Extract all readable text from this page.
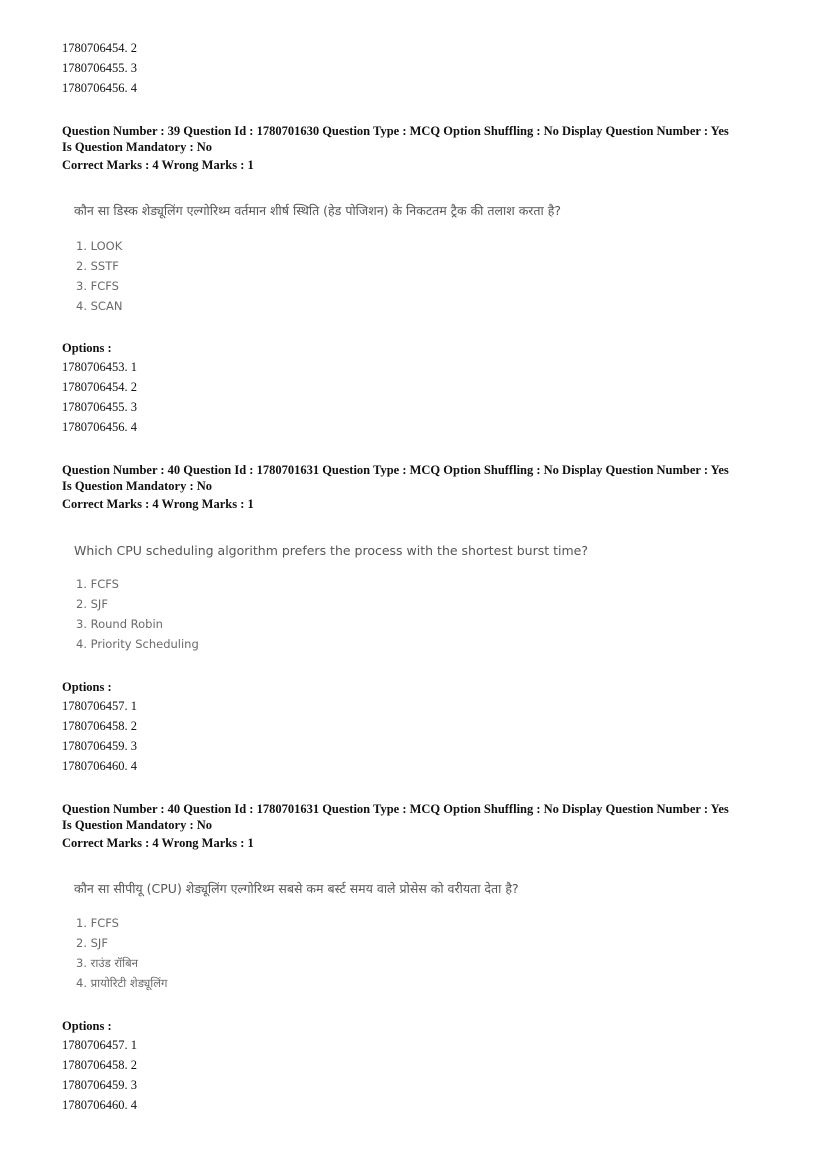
1780706454. 2
1780706455. 3
1780706456. 4
Question Number : 39 Question Id : 1780701630 Question Type : MCQ Option Shuffling : No Display Question Number : Yes
Is Question Mandatory : No
Correct Marks : 4 Wrong Marks : 1
कौन सा डिस्क शेड्यूलिंग एल्गोरिथ्म वर्तमान शीर्ष स्थिति (हेड पोजिशन) के निकटतम ट्रैक की तलाश करता है?
1. LOOK
2. SSTF
3. FCFS
4. SCAN
Options :
1780706453. 1
1780706454. 2
1780706455. 3
1780706456. 4
Question Number : 40 Question Id : 1780701631 Question Type : MCQ Option Shuffling : No Display Question Number : Yes
Is Question Mandatory : No
Correct Marks : 4 Wrong Marks : 1
Which CPU scheduling algorithm prefers the process with the shortest burst time?
1. FCFS
2. SJF
3. Round Robin
4. Priority Scheduling
Options :
1780706457. 1
1780706458. 2
1780706459. 3
1780706460. 4
Question Number : 40 Question Id : 1780701631 Question Type : MCQ Option Shuffling : No Display Question Number : Yes
Is Question Mandatory : No
Correct Marks : 4 Wrong Marks : 1
कौन सा सीपीयू (CPU) शेड्यूलिंग एल्गोरिथ्म सबसे कम बर्स्ट समय वाले प्रोसेस को वरीयता देता है?
1. FCFS
2. SJF
3. राउंड रॉबिन
4. प्रायोरिटी शेड्यूलिंग
Options :
1780706457. 1
1780706458. 2
1780706459. 3
1780706460. 4
